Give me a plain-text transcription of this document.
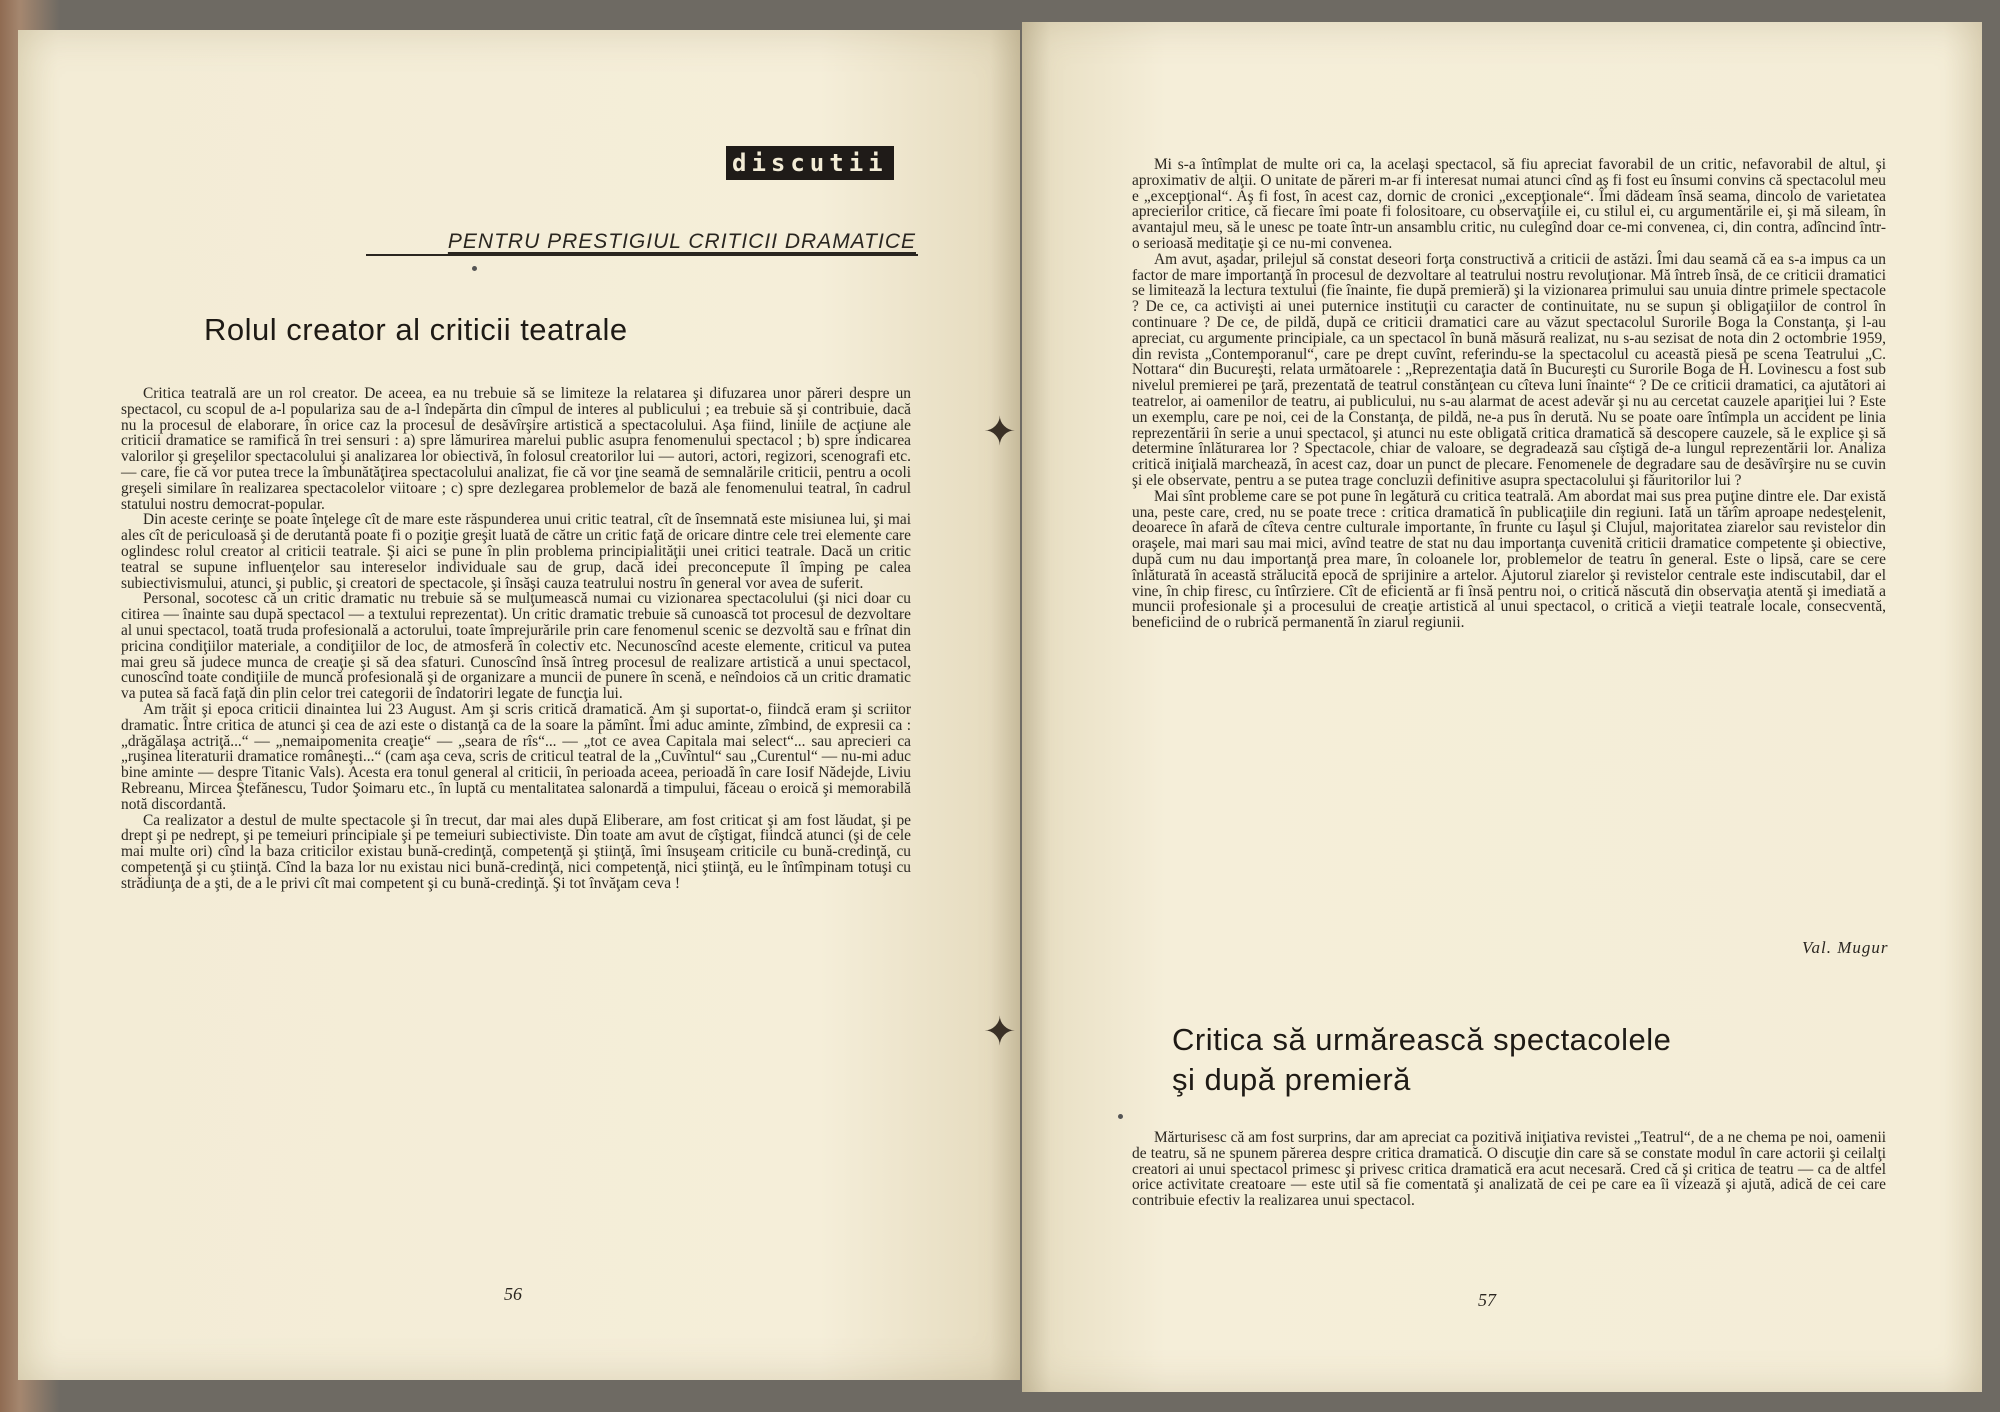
discutii
PENTRU PRESTIGIUL CRITICII DRAMATICE
Rolul creator al criticii teatrale

Critica teatrală are un rol creator. De aceea, ea nu trebuie să se limiteze la relatarea şi difuzarea unor păreri despre un spectacol, cu scopul de a-l populariza sau de a-l îndepărta din cîmpul de interes al publicului ; ea trebuie să şi contribuie, dacă nu la procesul de elaborare, în orice caz la procesul de desăvîrşire artistică a spectacolului. Aşa fiind, liniile de acţiune ale criticii dramatice se ramifică în trei sensuri : a) spre lămurirea marelui public asupra fenomenului spectacol ; b) spre indicarea valorilor şi greşelilor spectacolului şi analizarea lor obiectivă, în folosul creatorilor lui — autori, actori, regizori, scenografi etc. — care, fie că vor putea trece la îmbunătăţirea spectacolului analizat, fie că vor ţine seamă de semnalările criticii, pentru a ocoli greşeli similare în realizarea spectacolelor viitoare ; c) spre dezlegarea problemelor de bază ale fenomenului teatral, în cadrul statului nostru democrat-popular.

Din aceste cerinţe se poate înţelege cît de mare este răspunderea unui critic teatral, cît de însemnată este misiunea lui, şi mai ales cît de periculoasă şi de derutantă poate fi o poziţie greşit luată de către un critic faţă de oricare dintre cele trei elemente care oglindesc rolul creator al criticii teatrale. Şi aici se pune în plin problema principialităţii unei critici teatrale. Dacă un critic teatral se supune influenţelor sau intereselor individuale sau de grup, dacă idei preconcepute îl împing pe calea subiectivismului, atunci, şi public, şi creatori de spectacole, şi însăşi cauza teatrului nostru în general vor avea de suferit.

Personal, socotesc că un critic dramatic nu trebuie să se mulţumească numai cu vizionarea spectacolului (şi nici doar cu citirea — înainte sau după spectacol — a textului reprezentat). Un critic dramatic trebuie să cunoască tot procesul de dezvoltare al unui spectacol, toată truda profesională a actorului, toate împrejurările prin care fenomenul scenic se dezvoltă sau e frînat din pricina condiţiilor materiale, a condiţiilor de loc, de atmosferă în colectiv etc. Necunoscînd aceste elemente, criticul va putea mai greu să judece munca de creaţie şi să dea sfaturi. Cunoscînd însă întreg procesul de realizare artistică a unui spectacol, cunoscînd toate condiţiile de muncă profesională şi de organizare a muncii de punere în scenă, e neîndoios că un critic dramatic va putea să facă faţă din plin celor trei categorii de îndatoriri legate de funcţia lui.

Am trăit şi epoca criticii dinaintea lui 23 August. Am şi scris critică dramatică. Am şi suportat-o, fiindcă eram şi scriitor dramatic. Între critica de atunci şi cea de azi este o distanţă ca de la soare la pămînt. Îmi aduc aminte, zîmbind, de expresii ca : „drăgălaşa actriţă...“ — „nemaipomenita creaţie“ — „seara de rîs“... — „tot ce avea Capitala mai select“... sau aprecieri ca „ruşinea literaturii dramatice româneşti...“ (cam aşa ceva, scris de criticul teatral de la „Cuvîntul“ sau „Curentul“ — nu-mi aduc bine aminte — despre Titanic Vals). Acesta era tonul general al criticii, în perioada aceea, perioadă în care Iosif Nădejde, Liviu Rebreanu, Mircea Ştefănescu, Tudor Şoimaru etc., în luptă cu mentalitatea salonardă a timpului, făceau o eroică şi memorabilă notă discordantă.

Ca realizator a destul de multe spectacole şi în trecut, dar mai ales după Eliberare, am fost criticat şi am fost lăudat, şi pe drept şi pe nedrept, şi pe temeiuri principiale şi pe temeiuri subiectiviste. Din toate am avut de cîştigat, fiindcă atunci (şi de cele mai multe ori) cînd la baza criticilor existau bună-credinţă, competenţă şi ştiinţă, îmi însuşeam criticile cu bună-credinţă, cu competenţă şi cu ştiinţă. Cînd la baza lor nu existau nici bună-credinţă, nici competenţă, nici ştiinţă, eu le întîmpinam totuşi cu strădiunţa de a şti, de a le privi cît mai competent şi cu bună-credinţă. Şi tot învăţam ceva !

56
✦
✦

Mi s-a întîmplat de multe ori ca, la acelaşi spectacol, să fiu apreciat favorabil de un critic, nefavorabil de altul, şi aproximativ de alţii. O unitate de păreri m-ar fi interesat numai atunci cînd aş fi fost eu însumi convins că spectacolul meu e „excepţional“. Aş fi fost, în acest caz, dornic de cronici „excepţionale“. Îmi dădeam însă seama, dincolo de varietatea aprecierilor critice, că fiecare îmi poate fi folositoare, cu observaţiile ei, cu stilul ei, cu argumentările ei, şi mă sileam, în avantajul meu, să le unesc pe toate într-un ansamblu critic, nu culegînd doar ce-mi convenea, ci, din contra, adîncind într-o serioasă meditaţie şi ce nu-mi convenea.

Am avut, aşadar, prilejul să constat deseori forţa constructivă a criticii de astăzi. Îmi dau seamă că ea s-a impus ca un factor de mare importanţă în procesul de dezvoltare al teatrului nostru revoluţionar. Mă întreb însă, de ce criticii dramatici se limitează la lectura textului (fie înainte, fie după premieră) şi la vizionarea primului sau unuia dintre primele spectacole ? De ce, ca activişti ai unei puternice instituţii cu caracter de continuitate, nu se supun şi obligaţiilor de control în continuare ? De ce, de pildă, după ce criticii dramatici care au văzut spectacolul Surorile Boga la Constanţa, şi l-au apreciat, cu argumente principiale, ca un spectacol în bună măsură realizat, nu s-au sezisat de nota din 2 octombrie 1959, din revista „Contemporanul“, care pe drept cuvînt, referindu-se la spectacolul cu această piesă pe scena Teatrului „C. Nottara“ din Bucureşti, relata următoarele : „Reprezentaţia dată în Bucureşti cu Surorile Boga de H. Lovinescu a fost sub nivelul premierei pe ţară, prezentată de teatrul constănţean cu cîteva luni înainte“ ? De ce criticii dramatici, ca ajutători ai teatrelor, ai oamenilor de teatru, ai publicului, nu s-au alarmat de acest adevăr şi nu au cercetat cauzele apariţiei lui ? Este un exemplu, care pe noi, cei de la Constanţa, de pildă, ne-a pus în derută. Nu se poate oare întîmpla un accident pe linia reprezentării în serie a unui spectacol, şi atunci nu este obligată critica dramatică să descopere cauzele, să le explice şi să determine înlăturarea lor ? Spectacole, chiar de valoare, se degradează sau cîştigă de-a lungul reprezentării lor. Analiza critică iniţială marchează, în acest caz, doar un punct de plecare. Fenomenele de degradare sau de desăvîrşire nu se cuvin şi ele observate, pentru a se putea trage concluzii definitive asupra spectacolului şi făuritorilor lui ?

Mai sînt probleme care se pot pune în legătură cu critica teatrală. Am abordat mai sus prea puţine dintre ele. Dar există una, peste care, cred, nu se poate trece : critica dramatică în publicaţiile din regiuni. Iată un tărîm aproape nedesţelenit, deoarece în afară de cîteva centre culturale importante, în frunte cu Iaşul şi Clujul, majoritatea ziarelor sau revistelor din oraşele, mai mari sau mai mici, avînd teatre de stat nu dau importanţa cuvenită criticii dramatice competente şi obiective, după cum nu dau importanţă prea mare, în coloanele lor, problemelor de teatru în general. Este o lipsă, care se cere înlăturată în această strălucită epocă de sprijinire a artelor. Ajutorul ziarelor şi revistelor centrale este indiscutabil, dar el vine, în chip firesc, cu întîrziere. Cît de eficientă ar fi însă pentru noi, o critică născută din observaţia atentă şi imediată a muncii profesionale şi a procesului de creaţie artistică al unui spectacol, o critică a vieţii teatrale locale, consecventă, beneficiind de o rubrică permanentă în ziarul regiunii.

Val. Mugur
Critica să urmărească spectacolele
şi după premieră

Mărturisesc că am fost surprins, dar am apreciat ca pozitivă iniţiativa revistei „Teatrul“, de a ne chema pe noi, oamenii de teatru, să ne spunem părerea despre critica dramatică. O discuţie din care să se constate modul în care actorii şi ceilalţi creatori ai unui spectacol primesc şi privesc critica dramatică era acut necesară. Cred că şi critica de teatru — ca de altfel orice activitate creatoare — este util să fie comentată şi analizată de cei pe care ea îi vizează şi ajută, adică de cei care contribuie efectiv la realizarea unui spectacol.

57
